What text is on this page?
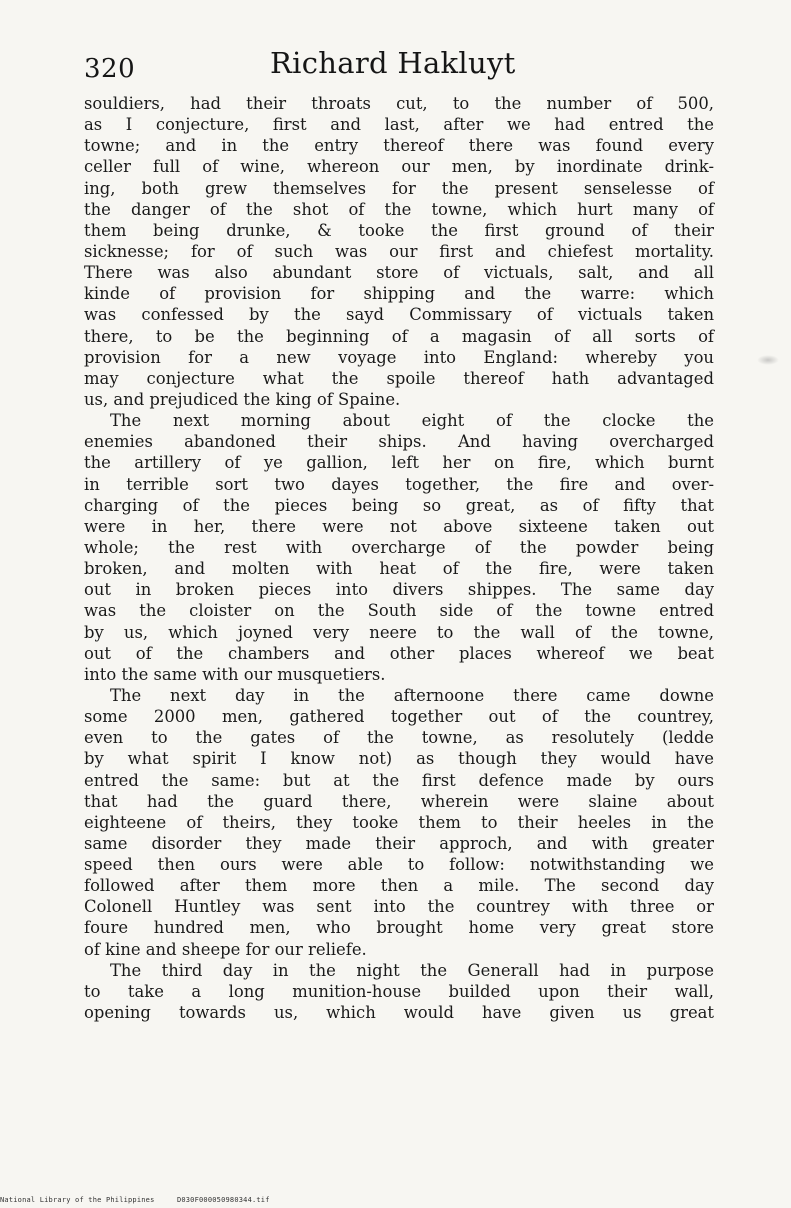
320	Richard Hakluyt
souldiers, had their throats cut, to the number of 500,
as I conjecture, first and last, after we had entred the
towne; and in the entry thereof there was found every
celler full of wine, whereon our men, by inordinate drink-
ing, both grew themselves for the present senselesse of
the danger of the shot of the towne, which hurt many of
them being drunke, & tooke the first ground of their
sicknesse; for of such was our first and chiefest mortality.
There was also abundant store of victuals, salt, and all
kinde of provision for shipping and the warre: which
was confessed by the sayd Commissary of victuals taken
there, to be the beginning of a magasin of all sorts of
provision for a new voyage into England: whereby you
may conjecture what the spoile thereof hath advantaged
us, and prejudiced the king of Spaine.
The next morning about eight of the clocke the
enemies abandoned their ships. And having overcharged
the artillery of ye gallion, left her on fire, which burnt
in terrible sort two dayes together, the fire and over-
charging of the pieces being so great, as of fifty that
were in her, there were not above sixteene taken out
whole; the rest with overcharge of the powder being
broken, and molten with heat of the fire, were taken
out in broken pieces into divers shippes. The same day
was the cloister on the South side of the towne entred
by us, which joyned very neere to the wall of the towne,
out of the chambers and other places whereof we beat
into the same with our musquetiers.
The next day in the afternoone there came downe
some 2000 men, gathered together out of the countrey,
even to the gates of the towne, as resolutely (ledde
by what spirit I know not) as though they would have
entred the same: but at the first defence made by ours
that had the guard there, wherein were slaine about
eighteene of theirs, they tooke them to their heeles in the
same disorder they made their approch, and with greater
speed then ours were able to follow: notwithstanding we
followed after them more then a mile. The second day
Colonell Huntley was sent into the countrey with three or
foure hundred men, who brought home very great store
of kine and sheepe for our reliefe.
The third day in the night the Generall had in purpose
to take a long munition-house builded upon their wall,
opening towards us, which would have given us great
National Library of the Philippines	D030F000050980344.tif
